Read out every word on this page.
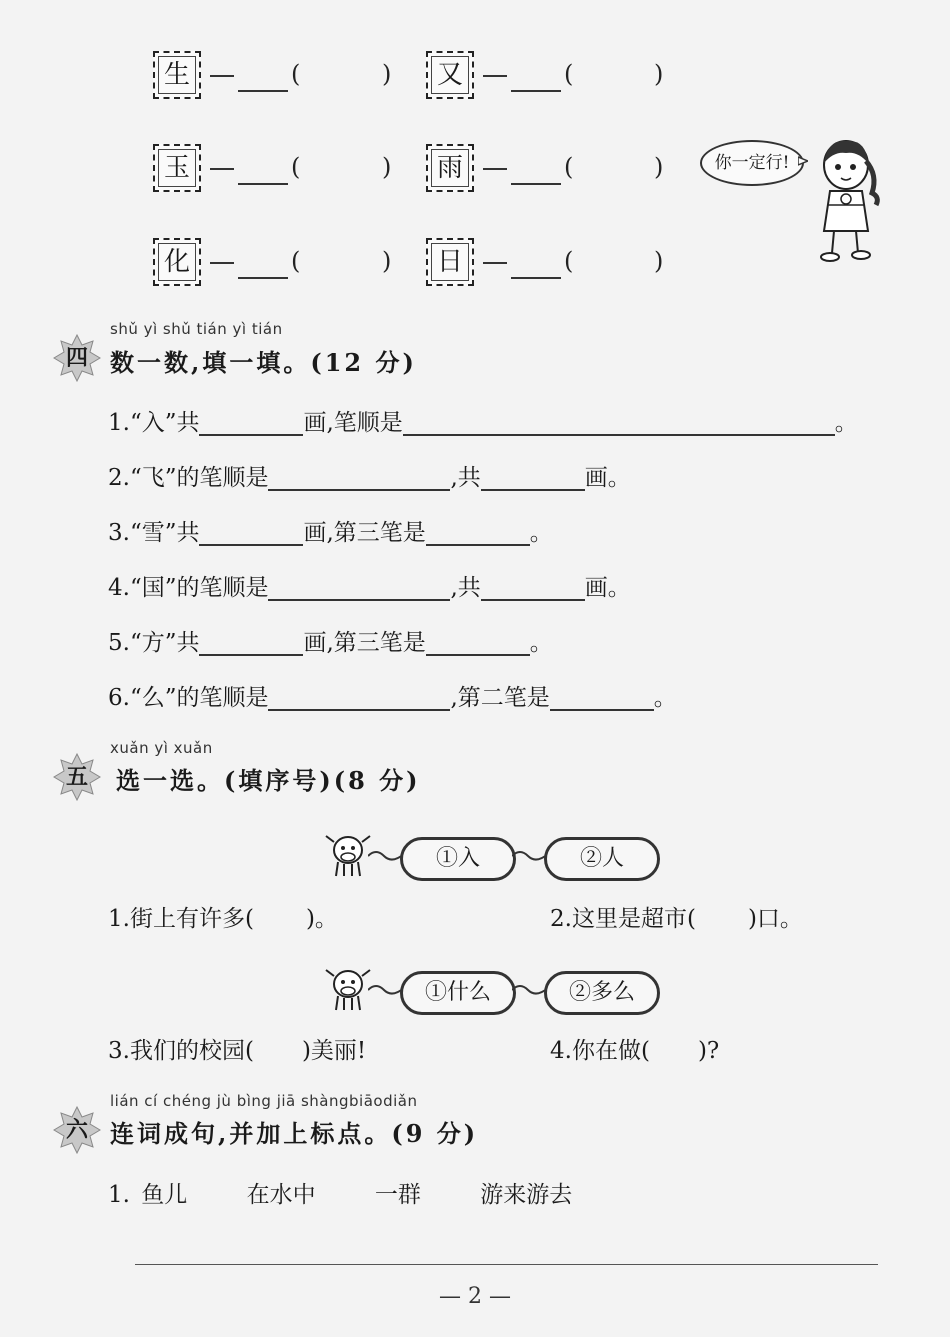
生	(	)	又	(	)
玉	(	)	雨	(	)
化	(	)	日	(	)
你一定行!
shǔ yì shǔ tián yì tián
四 数一数,填一填。(12 分)
1.“入”共	画,笔顺是	。
2.“飞”的笔顺是	,共	画。
3.“雪”共	画,第三笔是	。
4.“国”的笔顺是	,共	画。
5.“方”共	画,第三笔是	。
6.“么”的笔顺是	,第二笔是	。
xuǎn yì xuǎn
五	选一选。(填序号)(8 分)
①入	②人
1.街上有许多( )。	2.这里是超市( )口。
①什么	②多么
3.我们的校园( )美丽!	4.你在做( )?
lián cí chéng jù bìng jiā shàngbiāodiǎn
六 连词成句,并加上标点。(9 分)
1. 鱼儿	在水中	一群	游来游去
— 2 —
